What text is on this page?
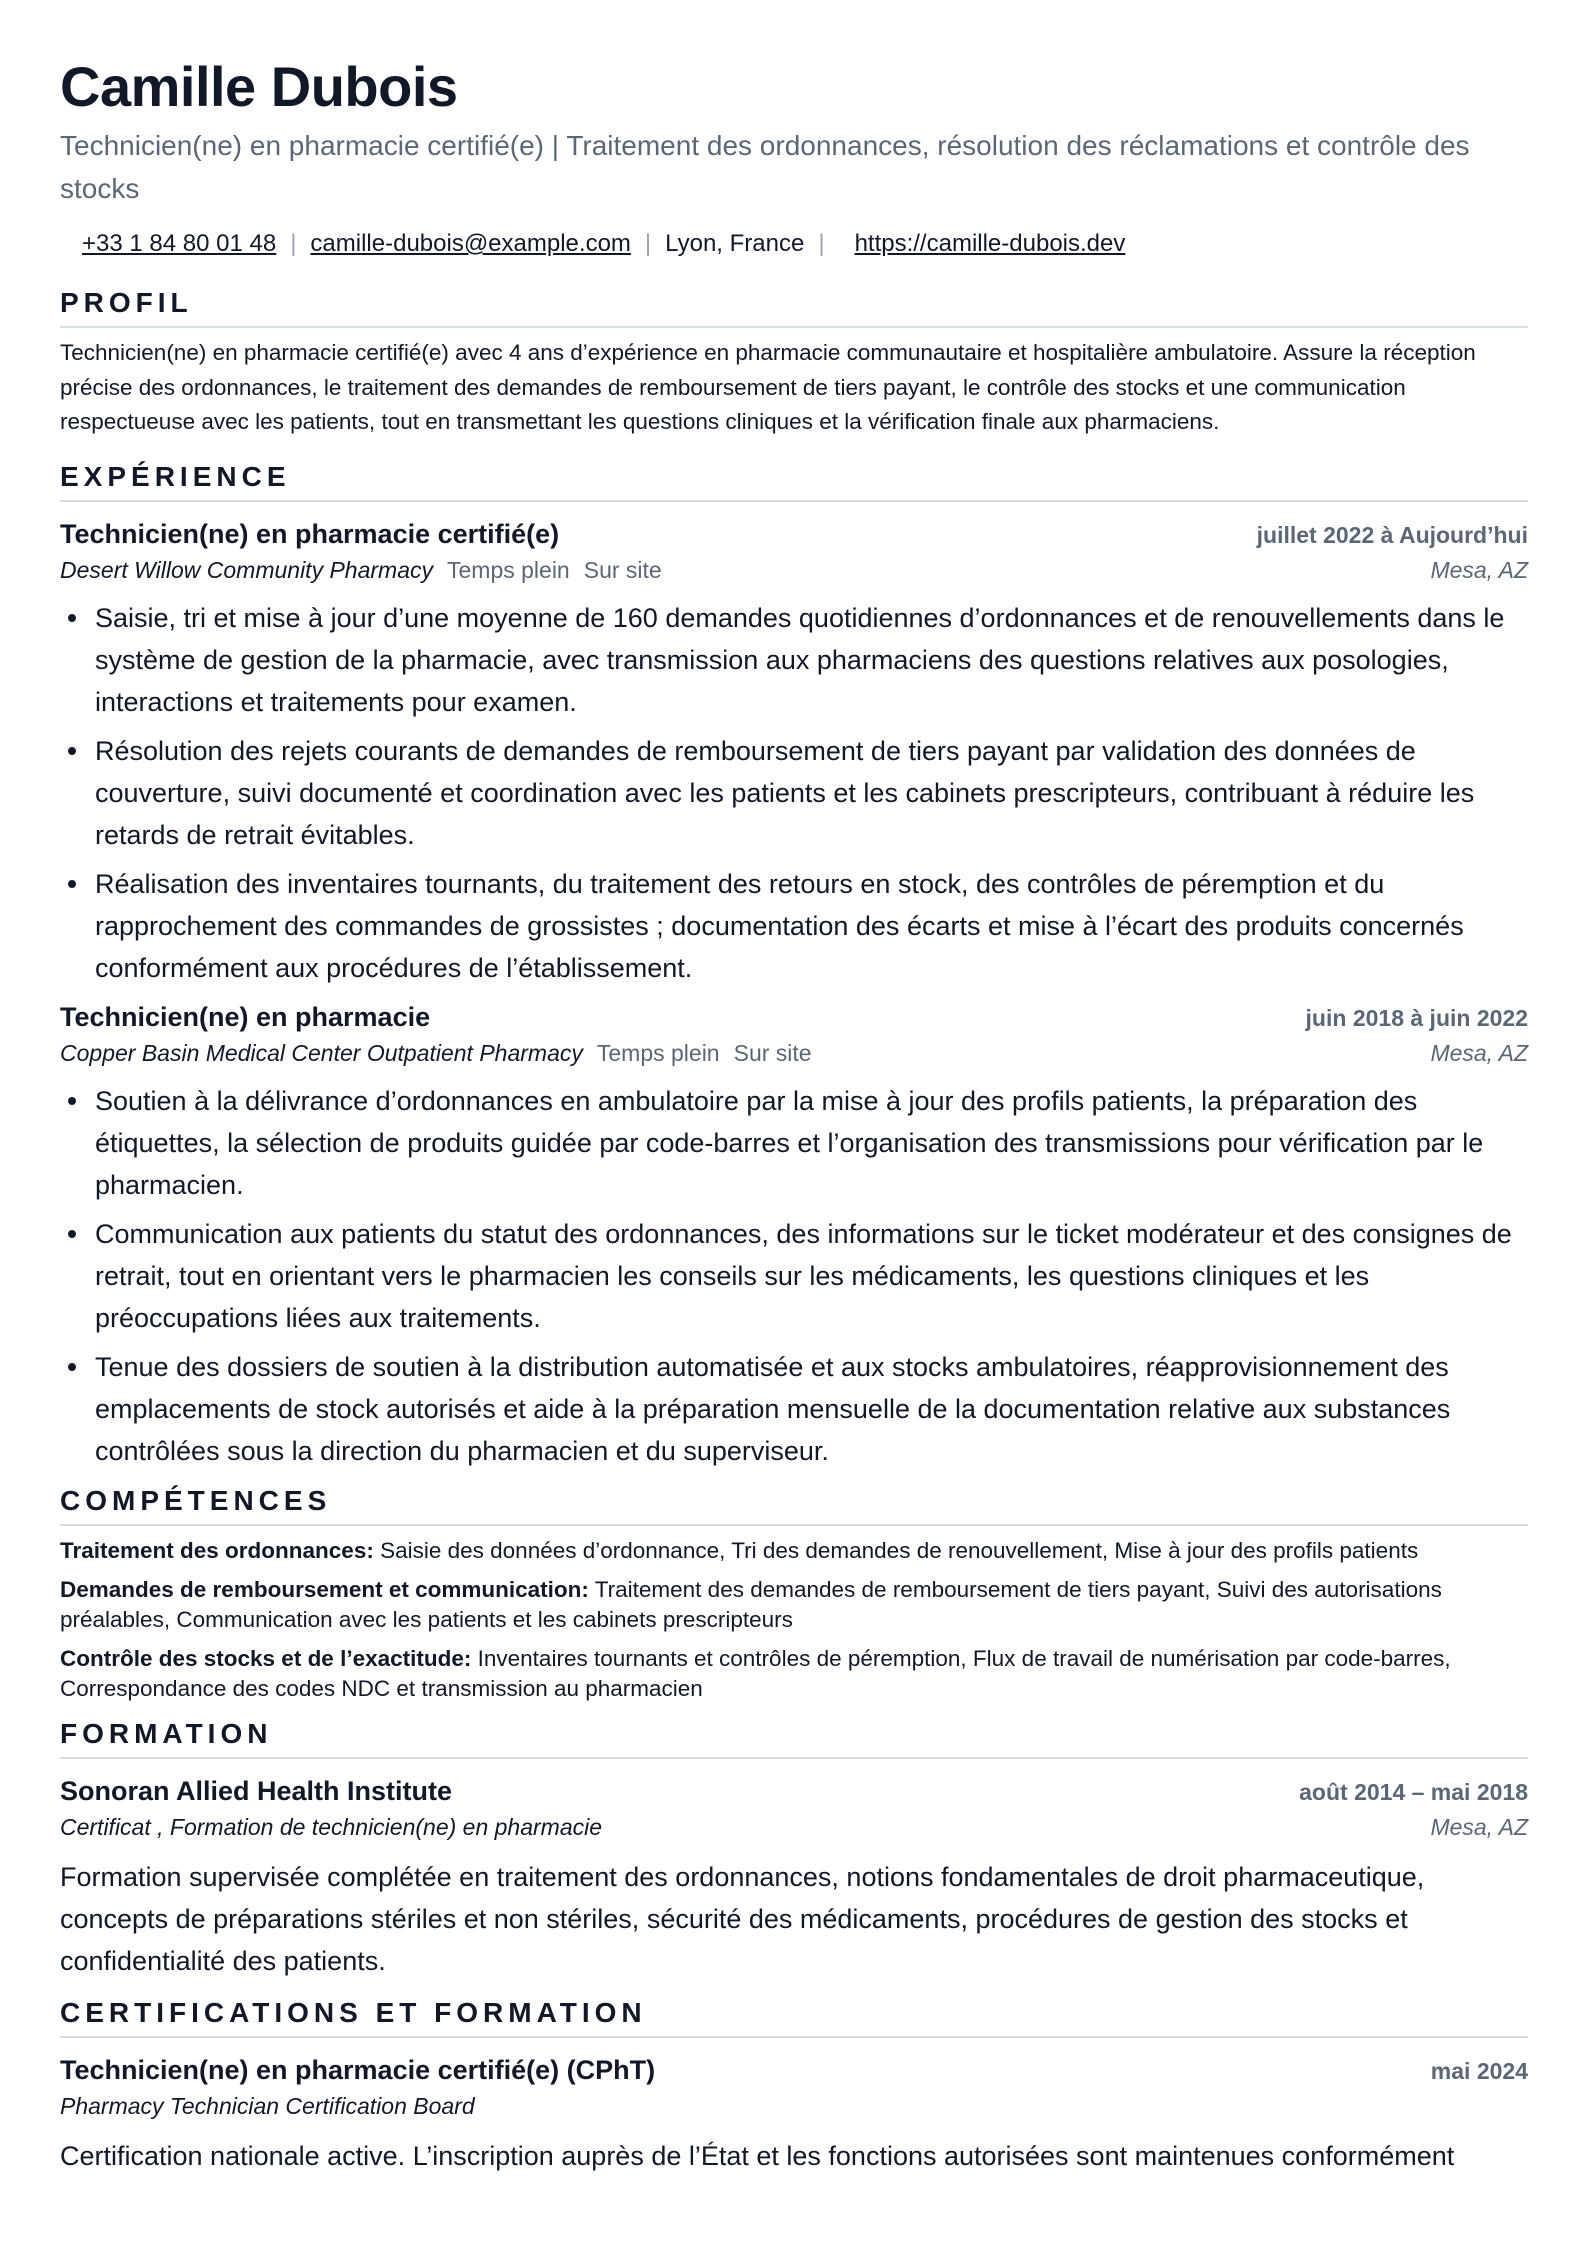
Camille Dubois
Technicien(ne) en pharmacie certifié(e) | Traitement des ordonnances, résolution des réclamations et contrôle des stocks
+33 1 84 80 01 48 | camille-dubois@example.com | Lyon, France | https://camille-dubois.dev
PROFIL

Technicien(ne) en pharmacie certifié(e) avec 4 ans d’expérience en pharmacie communautaire et hospitalière ambulatoire. Assure la réception précise des ordonnances, le traitement des demandes de remboursement de tiers payant, le contrôle des stocks et une communication respectueuse avec les patients, tout en transmettant les questions cliniques et la vérification finale aux pharmaciens.

EXPÉRIENCE
Technicien(ne) en pharmacie certifié(e)	juillet 2022 à Aujourd’hui
Desert Willow Community Pharmacy Temps plein Sur site	Mesa, AZ
Saisie, tri et mise à jour d’une moyenne de 160 demandes quotidiennes d’ordonnances et de renouvellements dans le système de gestion de la pharmacie, avec transmission aux pharmaciens des questions relatives aux posologies, interactions et traitements pour examen.
Résolution des rejets courants de demandes de remboursement de tiers payant par validation des données de couverture, suivi documenté et coordination avec les patients et les cabinets prescripteurs, contribuant à réduire les retards de retrait évitables.
Réalisation des inventaires tournants, du traitement des retours en stock, des contrôles de péremption et du rapprochement des commandes de grossistes ; documentation des écarts et mise à l’écart des produits concernés conformément aux procédures de l’établissement.
Technicien(ne) en pharmacie	juin 2018 à juin 2022
Copper Basin Medical Center Outpatient Pharmacy Temps plein Sur site	Mesa, AZ
Soutien à la délivrance d’ordonnances en ambulatoire par la mise à jour des profils patients, la préparation des étiquettes, la sélection de produits guidée par code-barres et l’organisation des transmissions pour vérification par le pharmacien.
Communication aux patients du statut des ordonnances, des informations sur le ticket modérateur et des consignes de retrait, tout en orientant vers le pharmacien les conseils sur les médicaments, les questions cliniques et les préoccupations liées aux traitements.
Tenue des dossiers de soutien à la distribution automatisée et aux stocks ambulatoires, réapprovisionnement des emplacements de stock autorisés et aide à la préparation mensuelle de la documentation relative aux substances contrôlées sous la direction du pharmacien et du superviseur.
COMPÉTENCES

Traitement des ordonnances: Saisie des données d’ordonnance, Tri des demandes de renouvellement, Mise à jour des profils patients

Demandes de remboursement et communication: Traitement des demandes de remboursement de tiers payant, Suivi des autorisations préalables, Communication avec les patients et les cabinets prescripteurs

Contrôle des stocks et de l’exactitude: Inventaires tournants et contrôles de péremption, Flux de travail de numérisation par code-barres, Correspondance des codes NDC et transmission au pharmacien

FORMATION
Sonoran Allied Health Institute	août 2014 – mai 2018
Certificat , Formation de technicien(ne) en pharmacie	Mesa, AZ

Formation supervisée complétée en traitement des ordonnances, notions fondamentales de droit pharmaceutique, concepts de préparations stériles et non stériles, sécurité des médicaments, procédures de gestion des stocks et confidentialité des patients.

CERTIFICATIONS ET FORMATION
Technicien(ne) en pharmacie certifié(e) (CPhT)	mai 2024
Pharmacy Technician Certification Board

Certification nationale active. L’inscription auprès de l’État et les fonctions autorisées sont maintenues conformément
